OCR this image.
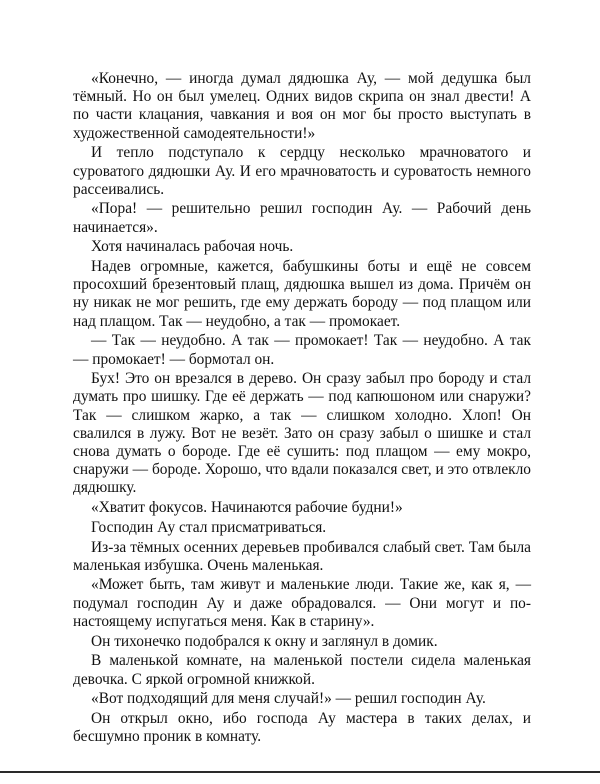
«Конечно, — иногда думал дядюшка Ау, — мой дедушка был тёмный. Но он был умелец. Одних видов скрипа он знал двести! А по части клацания, чавкания и воя он мог бы просто выступать в художественной самодеятельности!»

И тепло подступало к сердцу несколько мрачноватого и суроватого дядюшки Ау. И его мрачноватость и суроватость немного рассеивались.

«Пора! — решительно решил господин Ау. — Рабочий день начинается».

Хотя начиналась рабочая ночь.

Надев огромные, кажется, бабушкины боты и ещё не совсем просохший брезентовый плащ, дядюшка вышел из дома. Причём он ну никак не мог решить, где ему держать бороду — под плащом или над плащом. Так — неудобно, а так — промокает.

— Так — неудобно. А так — промокает! Так — неудобно. А так — промокает! — бормотал он.

Бух! Это он врезался в дерево. Он сразу забыл про бороду и стал думать про шишку. Где её держать — под капюшоном или снаружи? Так — слишком жарко, а так — слишком холодно. Хлоп! Он свалился в лужу. Вот не везёт. Зато он сразу забыл о шишке и стал снова думать о бороде. Где её сушить: под плащом — ему мокро, снаружи — бороде. Хорошо, что вдали показался свет, и это отвлекло дядюшку.

«Хватит фокусов. Начинаются рабочие будни!»

Господин Ау стал присматриваться.

Из-за тёмных осенних деревьев пробивался слабый свет. Там была маленькая избушка. Очень маленькая.

«Может быть, там живут и маленькие люди. Такие же, как я, — подумал господин Ау и даже обрадовался. — Они могут и по-настоящему испугаться меня. Как в старину».

Он тихонечко подобрался к окну и заглянул в домик.

В маленькой комнате, на маленькой постели сидела маленькая девочка. С яркой огромной книжкой.

«Вот подходящий для меня случай!» — решил господин Ау.

Он открыл окно, ибо господа Ау мастера в таких делах, и бесшумно проник в комнату.
